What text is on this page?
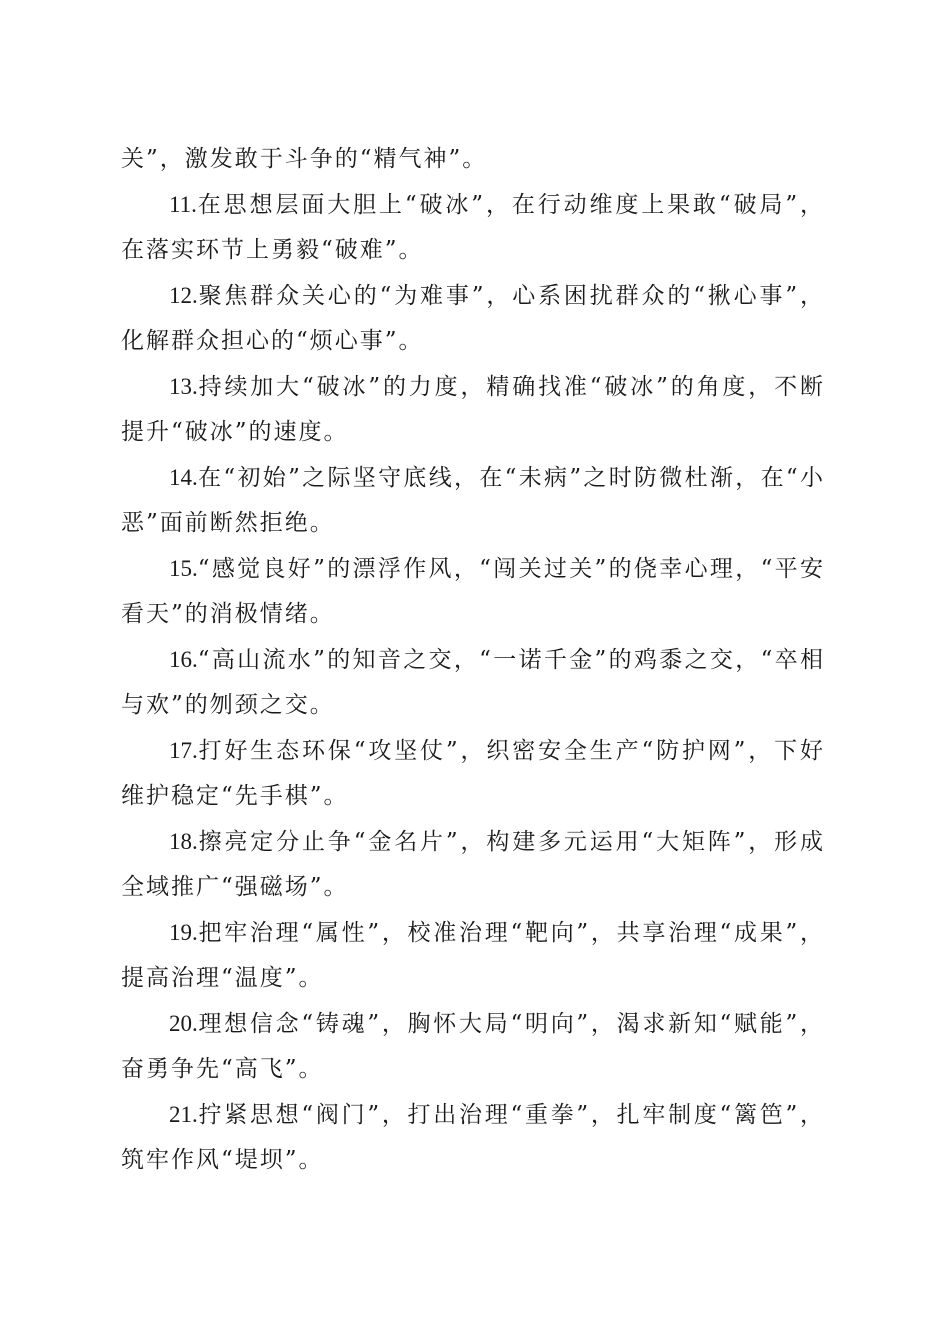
关”，激发敢于斗争的“精气神”。

11.在思想层面大胆上“破冰”，在行动维度上果敢“破局”，在落实环节上勇毅“破难”。

12.聚焦群众关心的“为难事”，心系困扰群众的“揪心事”，化解群众担心的“烦心事”。

13.持续加大“破冰”的力度，精确找准“破冰”的角度，不断提升“破冰”的速度。

14.在“初始”之际坚守底线，在“未病”之时防微杜渐，在“小恶”面前断然拒绝。

15.“感觉良好”的漂浮作风，“闯关过关”的侥幸心理，“平安看天”的消极情绪。

16.“高山流水”的知音之交，“一诺千金”的鸡黍之交，“卒相与欢”的刎颈之交。

17.打好生态环保“攻坚仗”，织密安全生产“防护网”，下好维护稳定“先手棋”。

18.擦亮定分止争“金名片”，构建多元运用“大矩阵”，形成全域推广“强磁场”。

19.把牢治理“属性”，校准治理“靶向”，共享治理“成果”，提高治理“温度”。

20.理想信念“铸魂”，胸怀大局“明向”，渴求新知“赋能”，奋勇争先“高飞”。

21.拧紧思想“阀门”，打出治理“重拳”，扎牢制度“篱笆”，筑牢作风“堤坝”。
